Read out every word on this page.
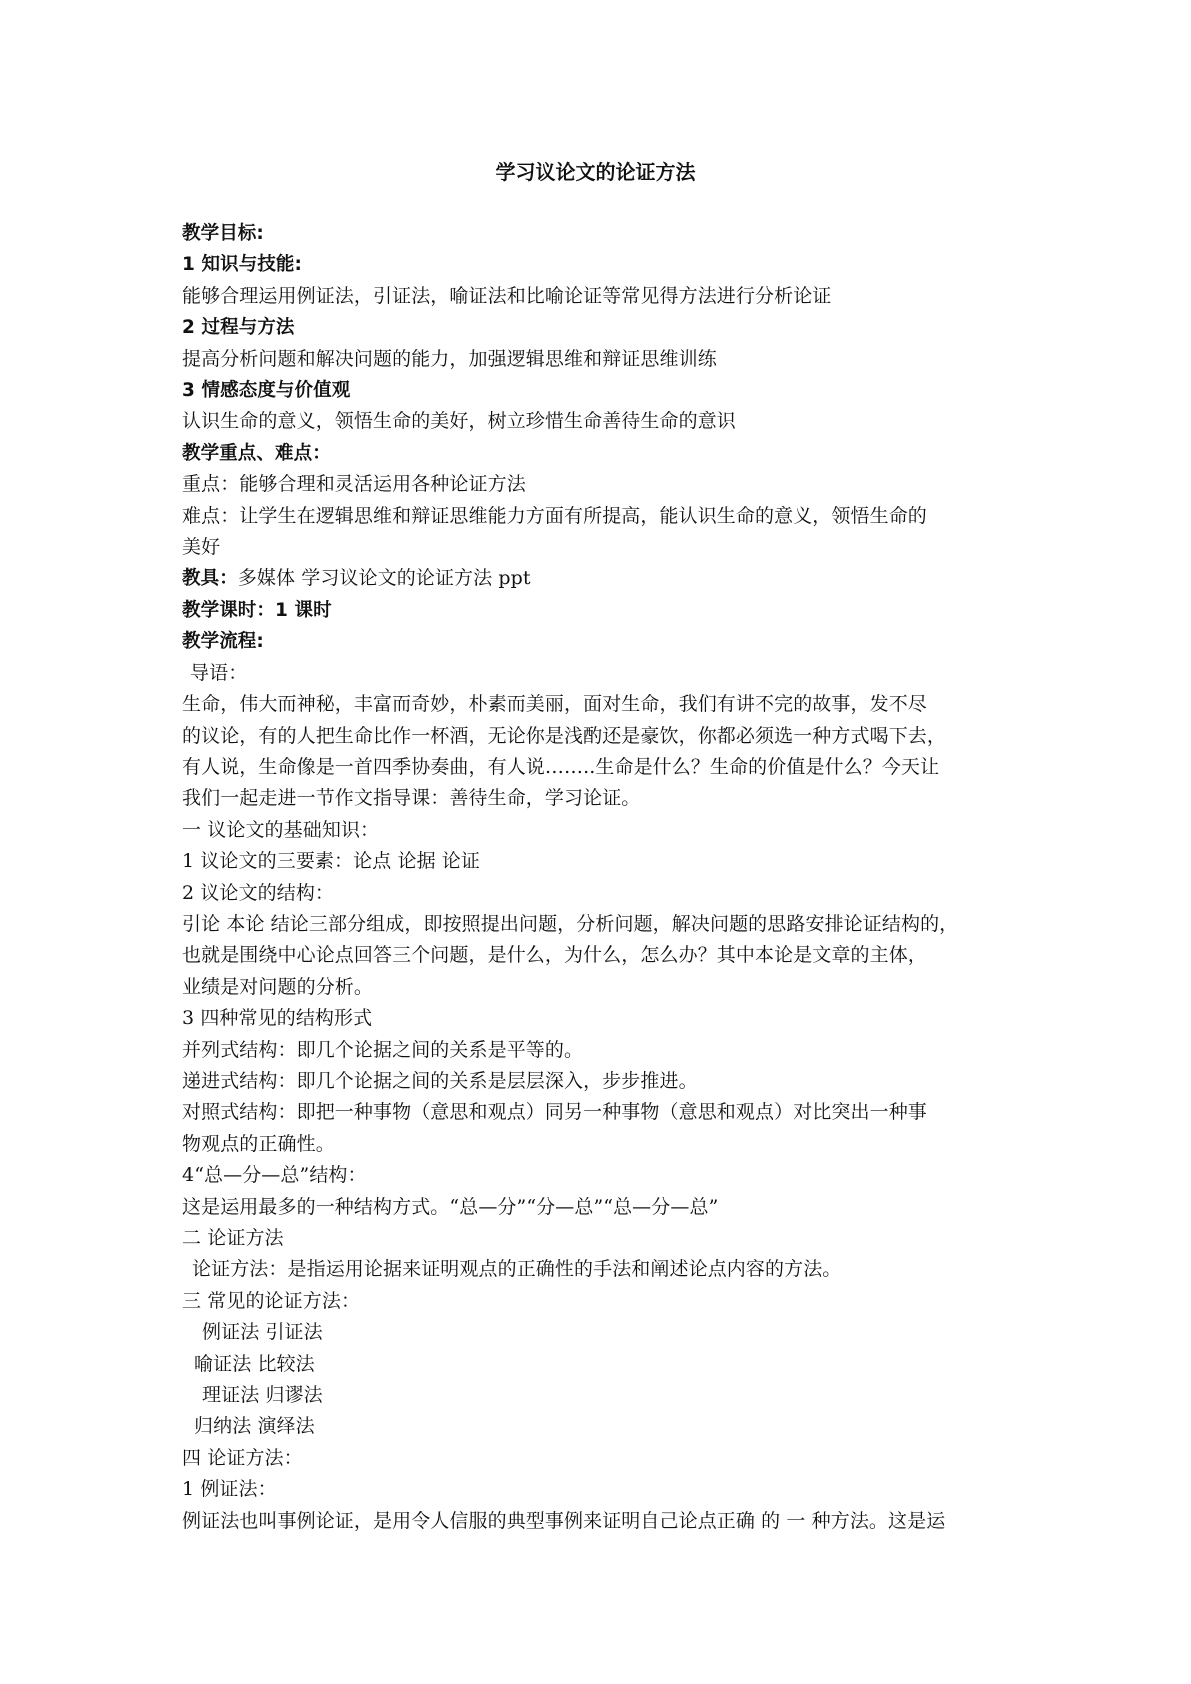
学习议论文的论证方法
教学目标:
1 知识与技能:
能够合理运用例证法，引证法，喻证法和比喻论证等常见得方法进行分析论证
2 过程与方法
提高分析问题和解决问题的能力，加强逻辑思维和辩证思维训练
3 情感态度与价值观
认识生命的意义，领悟生命的美好，树立珍惜生命善待生命的意识
教学重点、难点：
重点：能够合理和灵活运用各种论证方法
难点：让学生在逻辑思维和辩证思维能力方面有所提高，能认识生命的意义，领悟生命的
美好
教具：多媒体 学习议论文的论证方法 ppt
教学课时：1 课时
教学流程:
导语：
生命，伟大而神秘，丰富而奇妙，朴素而美丽，面对生命，我们有讲不完的故事，发不尽
的议论，有的人把生命比作一杯酒，无论你是浅酌还是豪饮，你都必须选一种方式喝下去，
有人说，生命像是一首四季协奏曲，有人说……..生命是什么？生命的价值是什么？今天让
我们一起走进一节作文指导课：善待生命，学习论证。
一 议论文的基础知识：
1 议论文的三要素：论点 论据 论证
2 议论文的结构：
引论 本论 结论三部分组成，即按照提出问题，分析问题，解决问题的思路安排论证结构的，
也就是围绕中心论点回答三个问题，是什么，为什么，怎么办？其中本论是文章的主体，
业绩是对问题的分析。
3 四种常见的结构形式
并列式结构：即几个论据之间的关系是平等的。
递进式结构：即几个论据之间的关系是层层深入，步步推进。
对照式结构：即把一种事物（意思和观点）同另一种事物（意思和观点）对比突出一种事
物观点的正确性。
4“总—分—总”结构：
这是运用最多的一种结构方式。“总—分”“分—总”“总—分—总”
二 论证方法
论证方法：是指运用论据来证明观点的正确性的手法和阐述论点内容的方法。
三 常见的论证方法：
例证法 引证法
喻证法 比较法
理证法 归谬法
归纳法 演绎法
四 论证方法：
1 例证法：
例证法也叫事例论证，是用令人信服的典型事例来证明自己论点正确 的 一 种方法。这是运
